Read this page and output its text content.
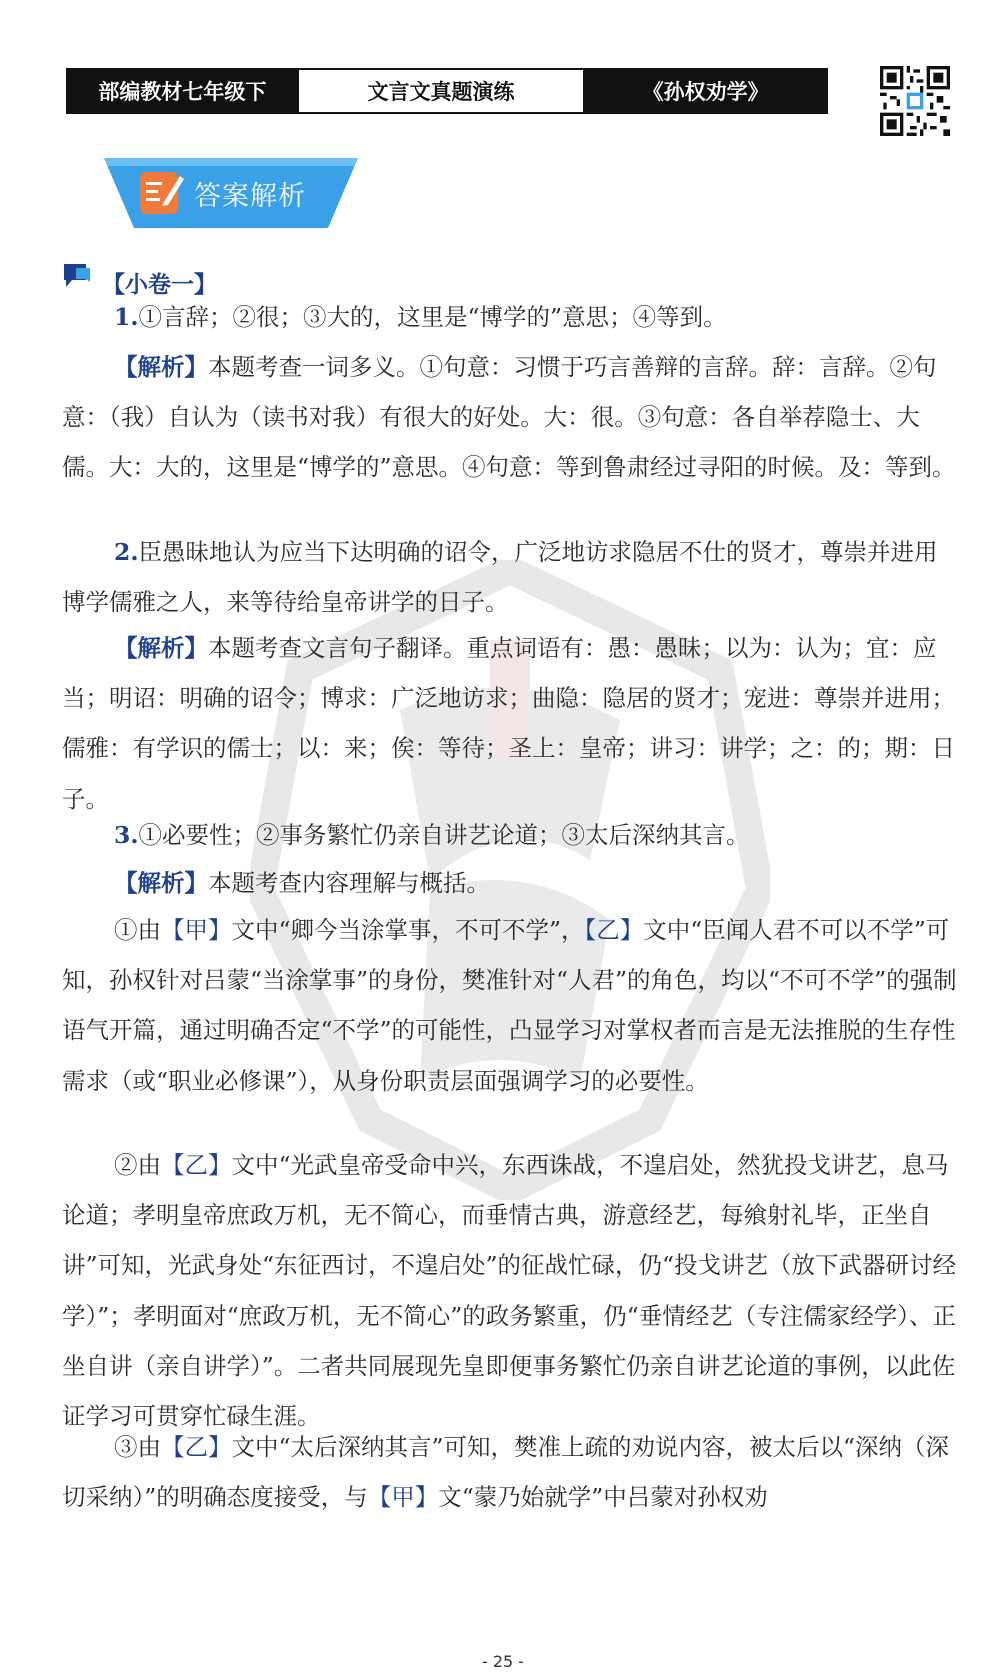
部编教材七年级下	文言文真题演练	《孙权劝学》
答案解析
【小卷一】

1.①言辞；②很；③大的，这里是“博学的”意思；④等到。

【解析】本题考查一词多义。①句意：习惯于巧言善辩的言辞。辞：言辞。②句意：（我）自认为（读书对我）有很大的好处。大：很。③句意：各自举荐隐士、大儒。大：大的，这里是“博学的”意思。④句意：等到鲁肃经过寻阳的时候。及：等到。

2.臣愚昧地认为应当下达明确的诏令，广泛地访求隐居不仕的贤才，尊崇并进用博学儒雅之人，来等待给皇帝讲学的日子。

【解析】本题考查文言句子翻译。重点词语有：愚：愚昧；以为：认为；宜：应当；明诏：明确的诏令；博求：广泛地访求；曲隐：隐居的贤才；宠进：尊崇并进用；儒雅：有学识的儒士；以：来；俟：等待；圣上：皇帝；讲习：讲学；之：的；期：日子。

3.①必要性；②事务繁忙仍亲自讲艺论道；③太后深纳其言。

【解析】本题考查内容理解与概括。

①由【甲】文中“卿今当涂掌事，不可不学”，【乙】文中“臣闻人君不可以不学”可知，孙权针对吕蒙“当涂掌事”的身份，樊准针对“人君”的角色，均以“不可不学”的强制语气开篇，通过明确否定“不学”的可能性，凸显学习对掌权者而言是无法推脱的生存性需求（或“职业必修课”），从身份职责层面强调学习的必要性。

②由【乙】文中“光武皇帝受命中兴，东西诛战，不遑启处，然犹投戈讲艺，息马论道；孝明皇帝庶政万机，无不简心，而垂情古典，游意经艺，每飨射礼毕，正坐自讲”可知，光武身处“东征西讨，不遑启处”的征战忙碌，仍“投戈讲艺（放下武器研讨经学）”；孝明面对“庶政万机，无不简心”的政务繁重，仍“垂情经艺（专注儒家经学）、正坐自讲（亲自讲学）”。二者共同展现先皇即便事务繁忙仍亲自讲艺论道的事例，以此佐证学习可贯穿忙碌生涯。

③由【乙】文中“太后深纳其言”可知，樊准上疏的劝说内容，被太后以“深纳（深切采纳）”的明确态度接受，与【甲】文“蒙乃始就学”中吕蒙对孙权劝

- 25 -
